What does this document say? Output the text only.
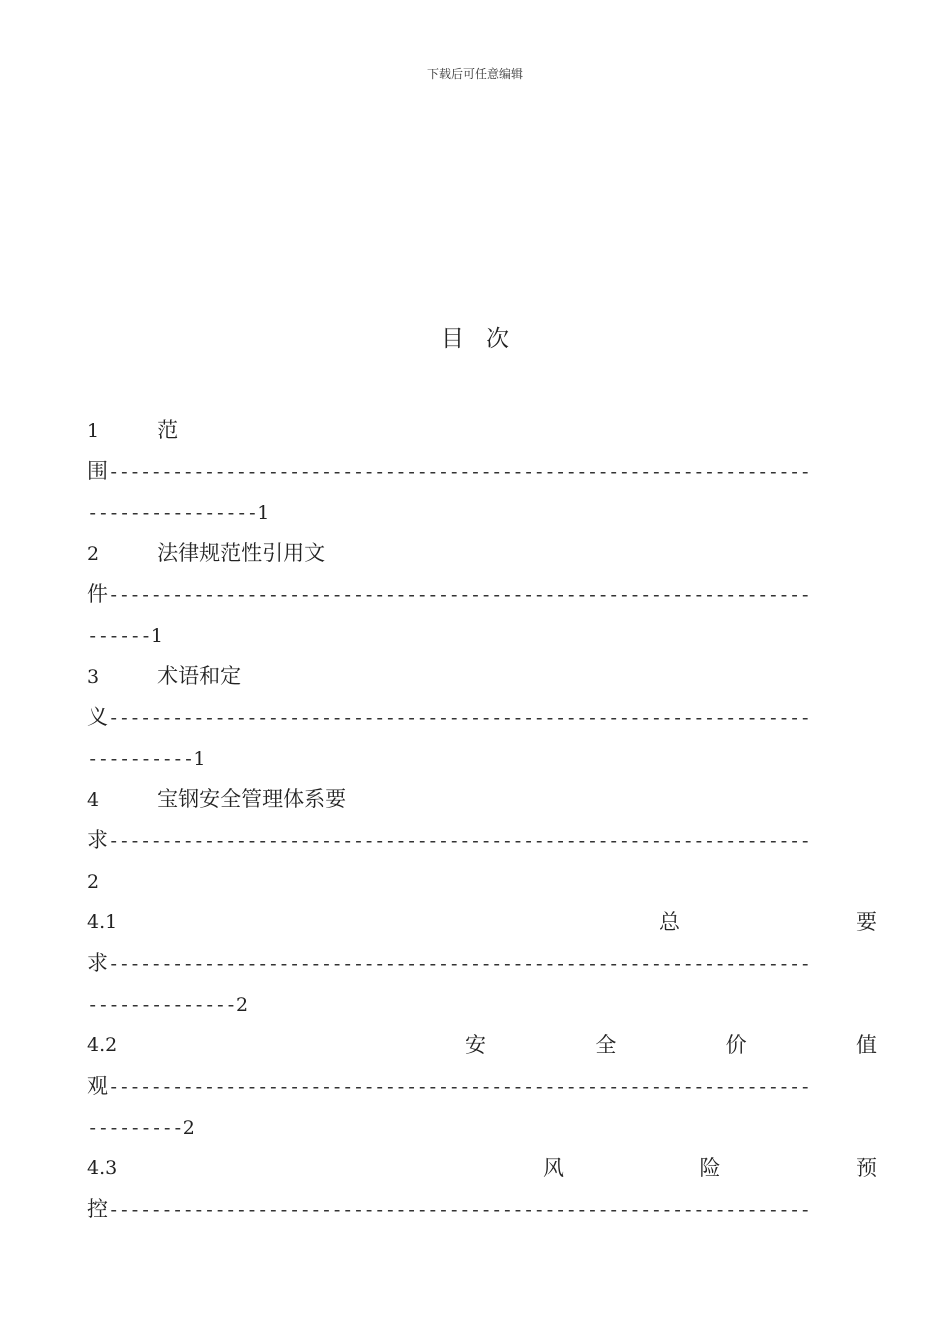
下载后可任意编辑
目次
1	范
围------------------------------------------------------------------
----------------1
2	法律规范性引用文
件------------------------------------------------------------------
------1
3	术语和定
义------------------------------------------------------------------
----------1
4	宝钢安全管理体系要
求------------------------------------------------------------------
2
4.1	总	要
求------------------------------------------------------------------
--------------2
4.2	安	全	价	值
观------------------------------------------------------------------
---------2
4.3	风	险	预
控------------------------------------------------------------------
